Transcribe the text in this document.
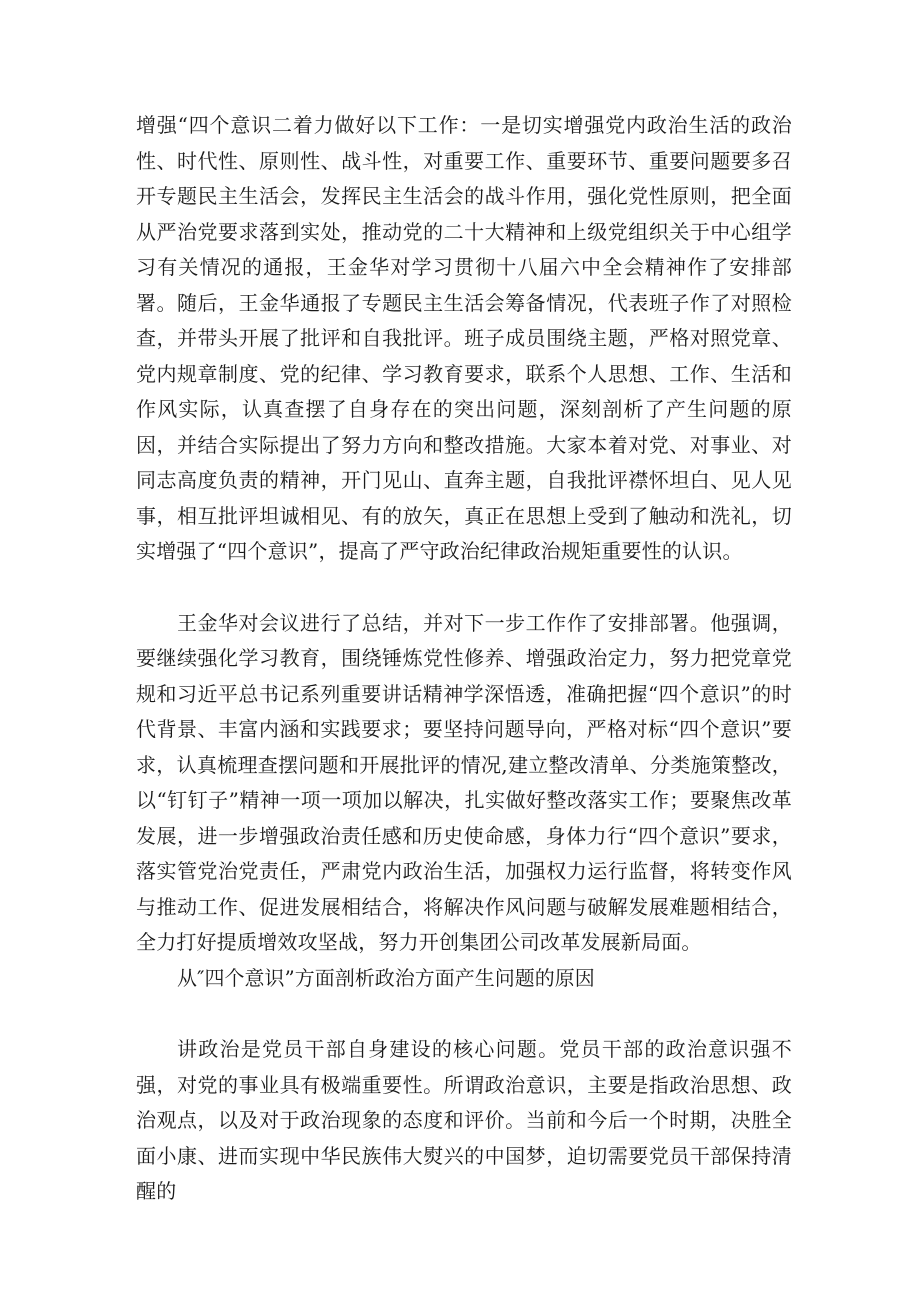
增强“四个意识二着力做好以下工作：一是切实增强党内政治生活的政治性、时代性、原则性、战斗性，对重要工作、重要环节、重要问题要多召开专题民主生活会，发挥民主生活会的战斗作用，强化党性原则，把全面从严治党要求落到实处，推动党的二十大精神和上级党组织关于中心组学习有关情况的通报，王金华对学习贯彻十八届六中全会精神作了安排部署。随后，王金华通报了专题民主生活会筹备情况，代表班子作了对照检查，并带头开展了批评和自我批评。班子成员围绕主题，严格对照党章、党内规章制度、党的纪律、学习教育要求，联系个人思想、工作、生活和作风实际，认真查摆了自身存在的突出问题，深刻剖析了产生问题的原因，并结合实际提出了努力方向和整改措施。大家本着对党、对事业、对同志高度负责的精神，开门见山、直奔主题，自我批评襟怀坦白、见人见事，相互批评坦诚相见、有的放矢，真正在思想上受到了触动和洗礼，切实增强了“四个意识”，提高了严守政治纪律政治规矩重要性的认识。

王金华对会议进行了总结，并对下一步工作作了安排部署。他强调，要继续强化学习教育，围绕锤炼党性修养、增强政治定力，努力把党章党规和习近平总书记系列重要讲话精神学深悟透，准确把握“四个意识”的时代背景、丰富内涵和实践要求；要坚持问题导向，严格对标“四个意识”要求，认真梳理查摆问题和开展批评的情况,建立整改清单、分类施策整改，以“钉钉子”精神一项一项加以解决，扎实做好整改落实工作；要聚焦改革发展，进一步增强政治责任感和历史使命感，身体力行“四个意识”要求，落实管党治党责任，严肃党内政治生活，加强权力运行监督，将转变作风与推动工作、促进发展相结合，将解决作风问题与破解发展难题相结合，全力打好提质增效攻坚战，努力开创集团公司改革发展新局面。

从″四个意识”方面剖析政治方面产生问题的原因

讲政治是党员干部自身建设的核心问题。党员干部的政治意识强不强，对党的事业具有极端重要性。所谓政治意识，主要是指政治思想、政治观点，以及对于政治现象的态度和评价。当前和今后一个时期，决胜全面小康、进而实现中华民族伟大熨兴的中国梦，迫切需要党员干部保持清醒的
